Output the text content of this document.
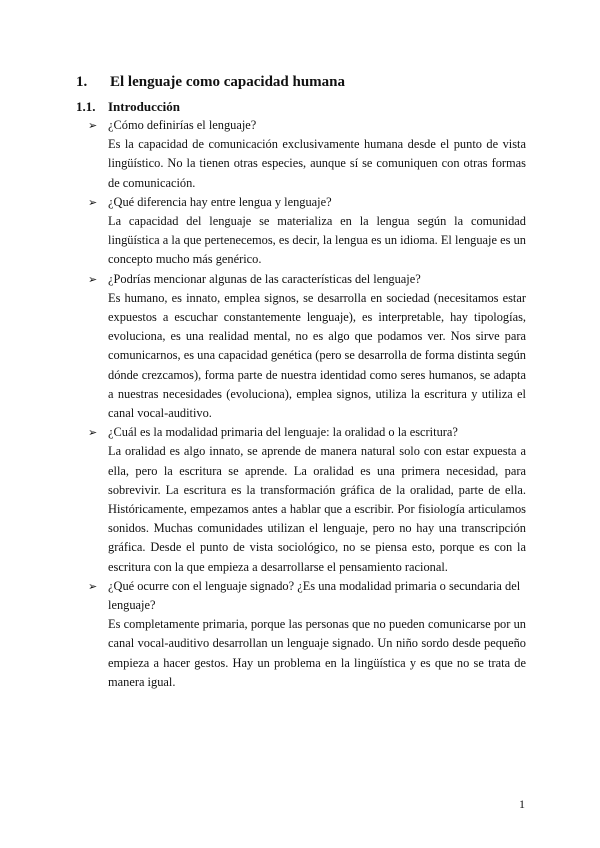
1. El lenguaje como capacidad humana
1.1. Introducción
➢ ¿Cómo definirías el lenguaje?
Es la capacidad de comunicación exclusivamente humana desde el punto de vista lingüístico. No la tienen otras especies, aunque sí se comuniquen con otras formas de comunicación.
➢ ¿Qué diferencia hay entre lengua y lenguaje?
La capacidad del lenguaje se materializa en la lengua según la comunidad lingüística a la que pertenecemos, es decir, la lengua es un idioma. El lenguaje es un concepto mucho más genérico.
➢ ¿Podrías mencionar algunas de las características del lenguaje?
Es humano, es innato, emplea signos, se desarrolla en sociedad (necesitamos estar expuestos a escuchar constantemente lenguaje), es interpretable, hay tipologías, evoluciona, es una realidad mental, no es algo que podamos ver. Nos sirve para comunicarnos, es una capacidad genética (pero se desarrolla de forma distinta según dónde crezcamos), forma parte de nuestra identidad como seres humanos, se adapta a nuestras necesidades (evoluciona), emplea signos, utiliza la escritura y utiliza el canal vocal-auditivo.
➢ ¿Cuál es la modalidad primaria del lenguaje: la oralidad o la escritura?
La oralidad es algo innato, se aprende de manera natural solo con estar expuesta a ella, pero la escritura se aprende. La oralidad es una primera necesidad, para sobrevivir. La escritura es la transformación gráfica de la oralidad, parte de ella. Históricamente, empezamos antes a hablar que a escribir. Por fisiología articulamos sonidos. Muchas comunidades utilizan el lenguaje, pero no hay una transcripción gráfica. Desde el punto de vista sociológico, no se piensa esto, porque es con la escritura con la que empieza a desarrollarse el pensamiento racional.
➢ ¿Qué ocurre con el lenguaje signado? ¿Es una modalidad primaria o secundaria del lenguaje?
Es completamente primaria, porque las personas que no pueden comunicarse por un canal vocal-auditivo desarrollan un lenguaje signado. Un niño sordo desde pequeño empieza a hacer gestos. Hay un problema en la lingüística y es que no se trata de manera igual.
1
